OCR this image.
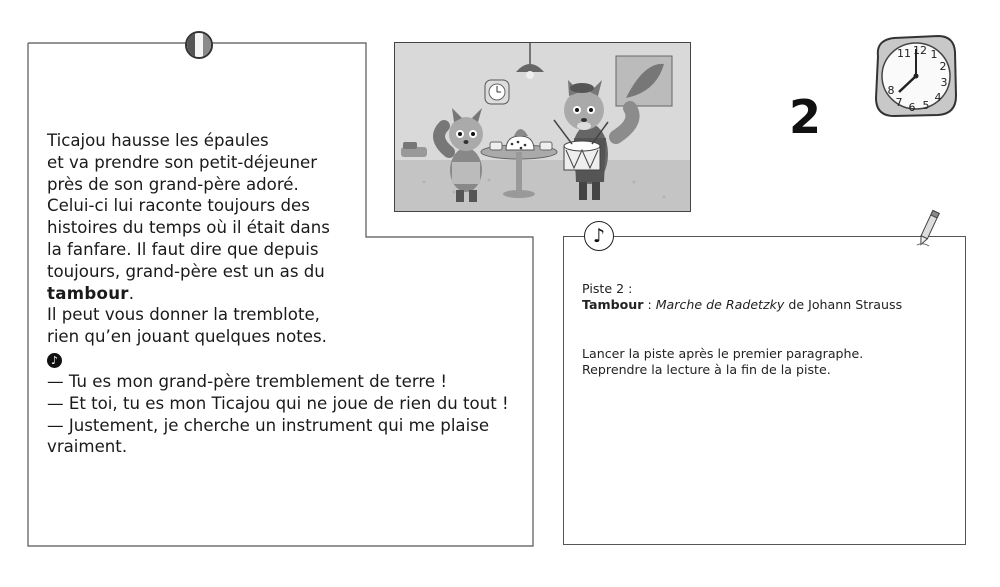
Ticajou hausse les épaules
et va prendre son petit-déjeuner
près de son grand-père adoré.
Celui-ci lui raconte toujours des
histoires du temps où il était dans
la fanfare. Il faut dire que depuis
toujours, grand-père est un as du
tambour.
Il peut vous donner la tremblote,
rien qu’en jouant quelques notes.
♪
— Tu es mon grand-père tremblement de terre !
— Et toi, tu es mon Ticajou qui ne joue de rien du tout !
— Justement, je cherche un instrument qui me plaise
vraiment.
2
11 12 1
2
3
4
5
6
7
8
♪
Piste 2 :
Tambour : Marche de Radetzky de Johann Strauss
Lancer la piste après le premier paragraphe.
Reprendre la lecture à la fin de la piste.
